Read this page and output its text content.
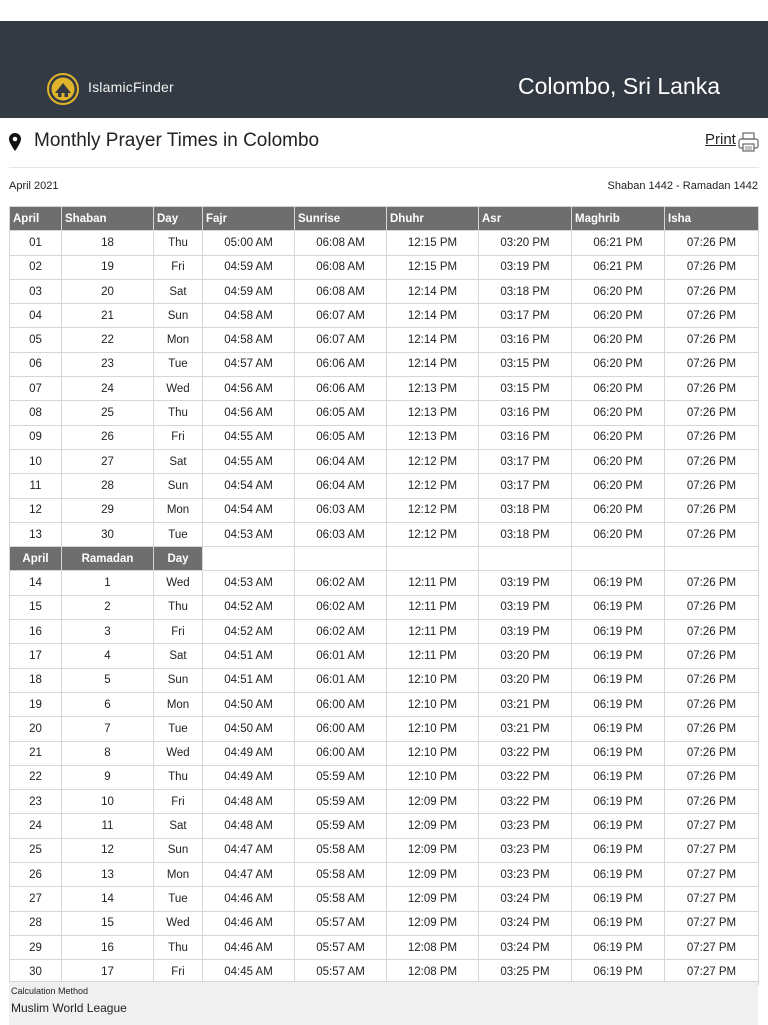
IslamicFinder	Colombo, Sri Lanka
Monthly Prayer Times in Colombo	Print
April 2021	Shaban 1442 - Ramadan 1442
April	Shaban	Day	Fajr	Sunrise	Dhuhr	Asr	Maghrib	Isha
01	18	Thu	05:00 AM	06:08 AM	12:15 PM	03:20 PM	06:21 PM	07:26 PM
02	19	Fri	04:59 AM	06:08 AM	12:15 PM	03:19 PM	06:21 PM	07:26 PM
03	20	Sat	04:59 AM	06:08 AM	12:14 PM	03:18 PM	06:20 PM	07:26 PM
04	21	Sun	04:58 AM	06:07 AM	12:14 PM	03:17 PM	06:20 PM	07:26 PM
05	22	Mon	04:58 AM	06:07 AM	12:14 PM	03:16 PM	06:20 PM	07:26 PM
06	23	Tue	04:57 AM	06:06 AM	12:14 PM	03:15 PM	06:20 PM	07:26 PM
07	24	Wed	04:56 AM	06:06 AM	12:13 PM	03:15 PM	06:20 PM	07:26 PM
08	25	Thu	04:56 AM	06:05 AM	12:13 PM	03:16 PM	06:20 PM	07:26 PM
09	26	Fri	04:55 AM	06:05 AM	12:13 PM	03:16 PM	06:20 PM	07:26 PM
10	27	Sat	04:55 AM	06:04 AM	12:12 PM	03:17 PM	06:20 PM	07:26 PM
11	28	Sun	04:54 AM	06:04 AM	12:12 PM	03:17 PM	06:20 PM	07:26 PM
12	29	Mon	04:54 AM	06:03 AM	12:12 PM	03:18 PM	06:20 PM	07:26 PM
13	30	Tue	04:53 AM	06:03 AM	12:12 PM	03:18 PM	06:20 PM	07:26 PM
April	Ramadan	Day						
14	1	Wed	04:53 AM	06:02 AM	12:11 PM	03:19 PM	06:19 PM	07:26 PM
15	2	Thu	04:52 AM	06:02 AM	12:11 PM	03:19 PM	06:19 PM	07:26 PM
16	3	Fri	04:52 AM	06:02 AM	12:11 PM	03:19 PM	06:19 PM	07:26 PM
17	4	Sat	04:51 AM	06:01 AM	12:11 PM	03:20 PM	06:19 PM	07:26 PM
18	5	Sun	04:51 AM	06:01 AM	12:10 PM	03:20 PM	06:19 PM	07:26 PM
19	6	Mon	04:50 AM	06:00 AM	12:10 PM	03:21 PM	06:19 PM	07:26 PM
20	7	Tue	04:50 AM	06:00 AM	12:10 PM	03:21 PM	06:19 PM	07:26 PM
21	8	Wed	04:49 AM	06:00 AM	12:10 PM	03:22 PM	06:19 PM	07:26 PM
22	9	Thu	04:49 AM	05:59 AM	12:10 PM	03:22 PM	06:19 PM	07:26 PM
23	10	Fri	04:48 AM	05:59 AM	12:09 PM	03:22 PM	06:19 PM	07:26 PM
24	11	Sat	04:48 AM	05:59 AM	12:09 PM	03:23 PM	06:19 PM	07:27 PM
25	12	Sun	04:47 AM	05:58 AM	12:09 PM	03:23 PM	06:19 PM	07:27 PM
26	13	Mon	04:47 AM	05:58 AM	12:09 PM	03:23 PM	06:19 PM	07:27 PM
27	14	Tue	04:46 AM	05:58 AM	12:09 PM	03:24 PM	06:19 PM	07:27 PM
28	15	Wed	04:46 AM	05:57 AM	12:09 PM	03:24 PM	06:19 PM	07:27 PM
29	16	Thu	04:46 AM	05:57 AM	12:08 PM	03:24 PM	06:19 PM	07:27 PM
30	17	Fri	04:45 AM	05:57 AM	12:08 PM	03:25 PM	06:19 PM	07:27 PM
Calculation Method
Muslim World League
